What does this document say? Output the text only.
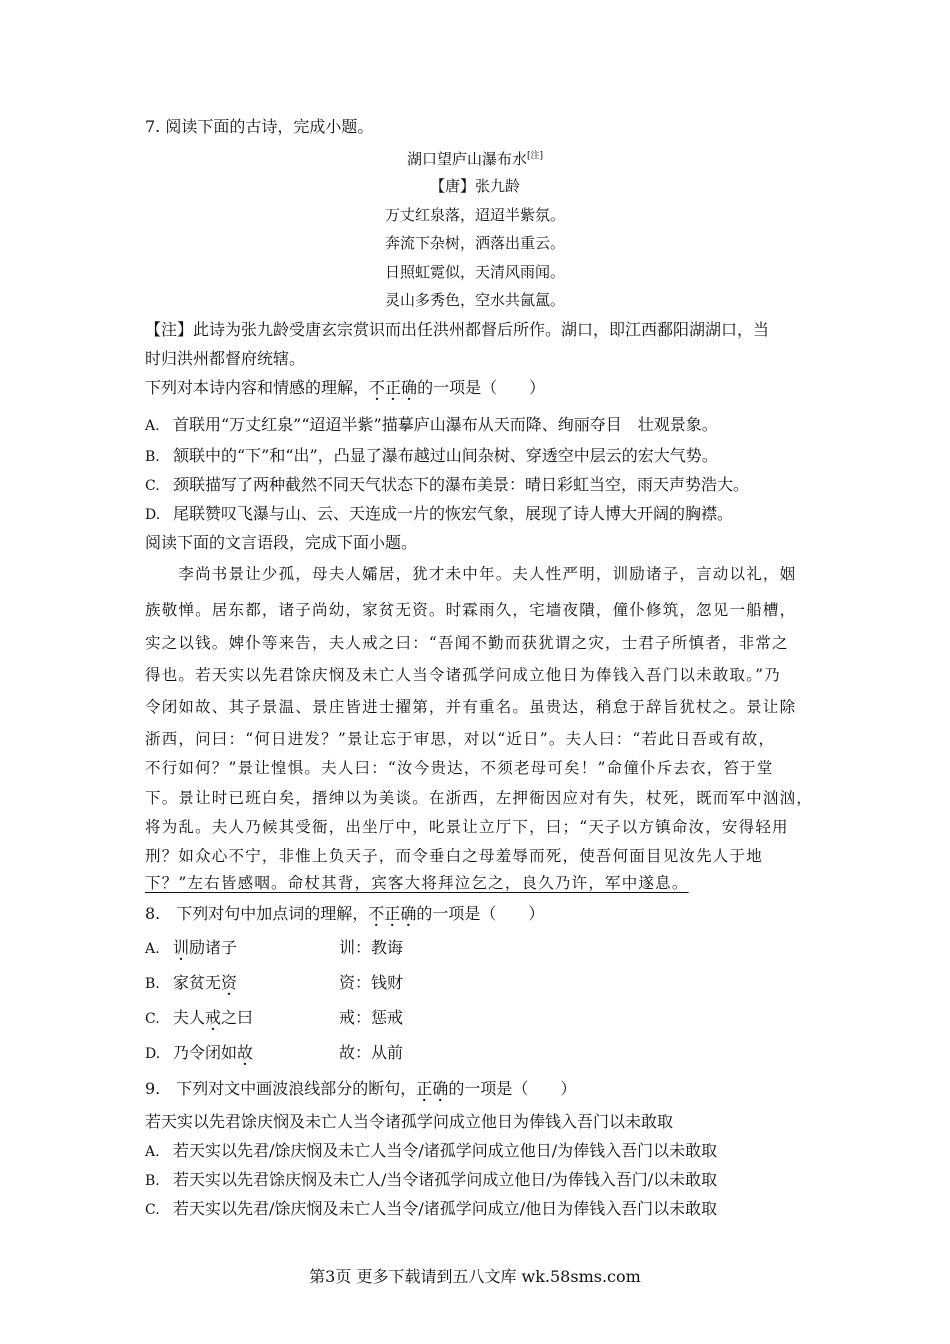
7. 阅读下面的古诗，完成小题。
湖口望庐山瀑布水[注]
【唐】张九龄
万丈红泉落，迢迢半紫氛。
奔流下杂树，洒落出重云。
日照虹霓似，天清风雨闻。
灵山多秀色，空水共氤氲。
【注】此诗为张九龄受唐玄宗赏识而出任洪州都督后所作。湖口，即江西鄱阳湖湖口，当
时归洪州都督府统辖。
下列对本诗内容和情感的理解，不正确的一项是（　　）
A. 首联用“万丈红泉”“迢迢半紫”描摹庐山瀑布从天而降、绚丽夺目　壮观景象。
B. 颔联中的“下”和“出”，凸显了瀑布越过山间杂树、穿透空中层云的宏大气势。
C. 颈联描写了两种截然不同天气状态下的瀑布美景：晴日彩虹当空，雨天声势浩大。
D. 尾联赞叹飞瀑与山、云、天连成一片的恢宏气象，展现了诗人博大开阔的胸襟。
阅读下面的文言语段，完成下面小题。
　　李尚书景让少孤，母夫人孀居，犹才未中年。夫人性严明，训励诸子，言动以礼，姻
族敬惮。居东都，诸子尚幼，家贫无资。时霖雨久，宅墙夜隤，僮仆修筑，忽见一船槽，
实之以钱。婢仆等来告，夫人戒之曰：“吾闻不勤而获犹谓之灾，士君子所慎者，非常之
得也。若天实以先君馀庆悯及未亡人当令诸孤学问成立他日为俸钱入吾门以未敢取。”乃
令闭如故、其子景温、景庄皆进士擢第，并有重名。虽贵达，稍怠于辞旨犹杖之。景让除
浙西，问曰：“何日进发？”景让忘于审思，对以“近日”。夫人曰：“若此日吾或有故，
不行如何？”景让惶惧。夫人曰：“汝今贵达，不须老母可矣！”命僮仆斥去衣，笞于堂
下。景让时已班白矣，搢绅以为美谈。在浙西，左押衙因应对有失，杖死，既而军中汹汹，
将为乱。夫人乃候其受衙，出坐厅中，叱景让立厅下，曰；“天子以方镇命汝，安得轻用
刑？如众心不宁，非惟上负天子，而令垂白之母羞辱而死，使吾何面目见汝先人于地
下？”左右皆感咽。命杖其背，宾客大将拜泣乞之，良久乃许，军中遂息。
8.　下列对句中加点词的理解，不正确的一项是（　　）
A. 训励诸子	训：教诲
B. 家贫无资	资：钱财
C. 夫人戒之曰	戒：惩戒
D. 乃令闭如故	故：从前
9.　下列对文中画波浪线部分的断句，正确的一项是（　　）
若天实以先君馀庆悯及未亡人当令诸孤学问成立他日为俸钱入吾门以未敢取
A. 若天实以先君/馀庆悯及未亡人当令/诸孤学问成立他日/为俸钱入吾门以未敢取
B. 若天实以先君馀庆悯及未亡人/当令诸孤学问成立他日/为俸钱入吾门/以未敢取
C. 若天实以先君/馀庆悯及未亡人当令/诸孤学问成立/他日为俸钱入吾门以未敢取
第3页 更多下载请到五八文库 wk.58sms.com
